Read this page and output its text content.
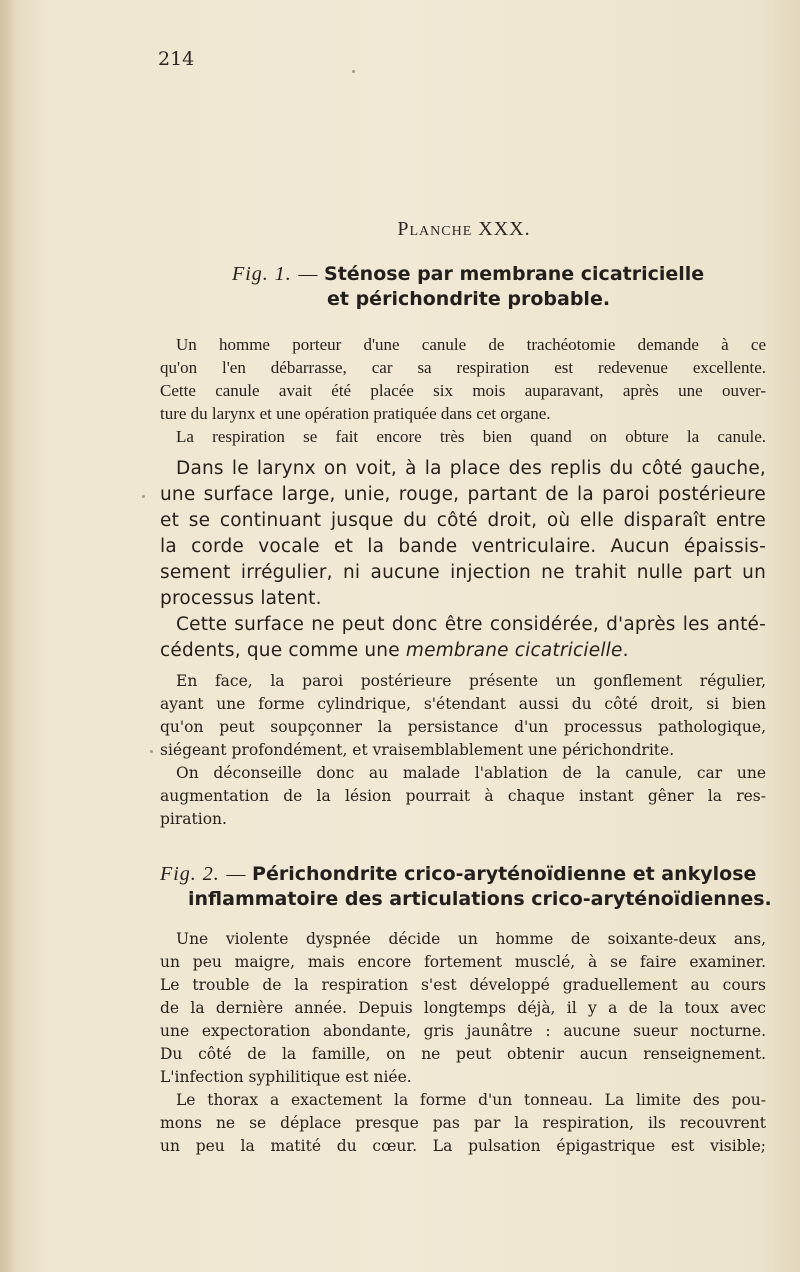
214
Planche XXX.
Fig. 1. — Sténose par membrane cicatricielle
et périchondrite probable.
Un homme porteur d'une canule de trachéotomie demande à ce
qu'on l'en débarrasse, car sa respiration est redevenue excellente.
Cette canule avait été placée six mois auparavant, après une ouver-
ture du larynx et une opération pratiquée dans cet organe.
La respiration se fait encore très bien quand on obture la canule.
Dans le larynx on voit, à la place des replis du côté gauche,
une surface large, unie, rouge, partant de la paroi postérieure
et se continuant jusque du côté droit, où elle disparaît entre
la corde vocale et la bande ventriculaire. Aucun épaissis-
sement irrégulier, ni aucune injection ne trahit nulle part un
processus latent.
Cette surface ne peut donc être considérée, d'après les anté-
cédents, que comme une membrane cicatricielle.
En face, la paroi postérieure présente un gonflement régulier,
ayant une forme cylindrique, s'étendant aussi du côté droit, si bien
qu'on peut soupçonner la persistance d'un processus pathologique,
siégeant profondément, et vraisemblablement une périchondrite.
On déconseille donc au malade l'ablation de la canule, car une
augmentation de la lésion pourrait à chaque instant gêner la res-
piration.
Fig. 2. — Périchondrite crico-aryténoïdienne et ankylose
inflammatoire des articulations crico-aryténoïdiennes.
Une violente dyspnée décide un homme de soixante-deux ans,
un peu maigre, mais encore fortement musclé, à se faire examiner.
Le trouble de la respiration s'est développé graduellement au cours
de la dernière année. Depuis longtemps déjà, il y a de la toux avec
une expectoration abondante, gris jaunâtre : aucune sueur nocturne.
Du côté de la famille, on ne peut obtenir aucun renseignement.
L'infection syphilitique est niée.
Le thorax a exactement la forme d'un tonneau. La limite des pou-
mons ne se déplace presque pas par la respiration, ils recouvrent
un peu la matité du cœur. La pulsation épigastrique est visible;
